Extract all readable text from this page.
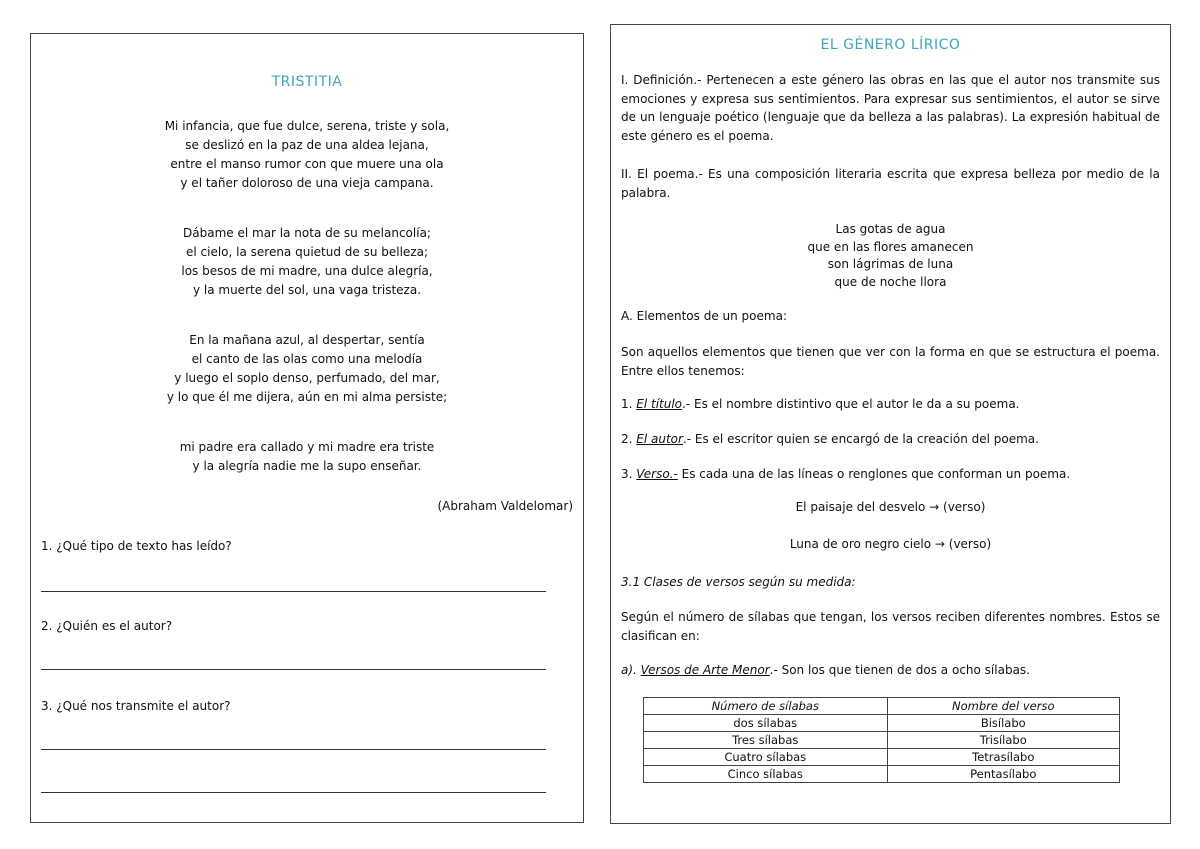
TRISTITIA
Mi infancia, que fue dulce, serena, triste y sola,
se deslizó en la paz de una aldea lejana,
entre el manso rumor con que muere una ola
y el tañer doloroso de una vieja campana.
Dábame el mar la nota de su melancolía;
el cielo, la serena quietud de su belleza;
los besos de mi madre, una dulce alegría,
y la muerte del sol, una vaga tristeza.
En la mañana azul, al despertar, sentía
el canto de las olas como una melodía
y luego el soplo denso, perfumado, del mar,
y lo que él me dijera, aún en mi alma persiste;
mi padre era callado y mi madre era triste
y la alegría nadie me la supo enseñar.
(Abraham Valdelomar)
1. ¿Qué tipo de texto has leído?
2. ¿Quién es el autor?
3. ¿Qué nos transmite el autor?
EL GÉNERO LÍRICO
I. Definición.- Pertenecen a este género las obras en las que el autor nos transmite sus emociones y expresa sus sentimientos. Para expresar sus sentimientos, el autor se sirve de un lenguaje poético (lenguaje que da belleza a las palabras). La expresión habitual de este género es el poema.
II. El poema.- Es una composición literaria escrita que expresa belleza por medio de la palabra.
Las gotas de agua
que en las flores amanecen
son lágrimas de luna
que de noche llora
A. Elementos de un poema:
Son aquellos elementos que tienen que ver con la forma en que se estructura el poema. Entre ellos tenemos:
1. El título.- Es el nombre distintivo que el autor le da a su poema.
2. El autor.- Es el escritor quien se encargó de la creación del poema.
3. Verso.- Es cada una de las líneas o renglones que conforman un poema.
El paisaje del desvelo → (verso)
Luna de oro negro cielo → (verso)
3.1 Clases de versos según su medida:
Según el número de sílabas que tengan, los versos reciben diferentes nombres. Estos se clasifican en:
a). Versos de Arte Menor.- Son los que tienen de dos a ocho sílabas.
Número de sílabas	Nombre del verso
dos sílabas	Bisílabo
Tres sílabas	Trisílabo
Cuatro sílabas	Tetrasílabo
Cinco sílabas	Pentasílabo
